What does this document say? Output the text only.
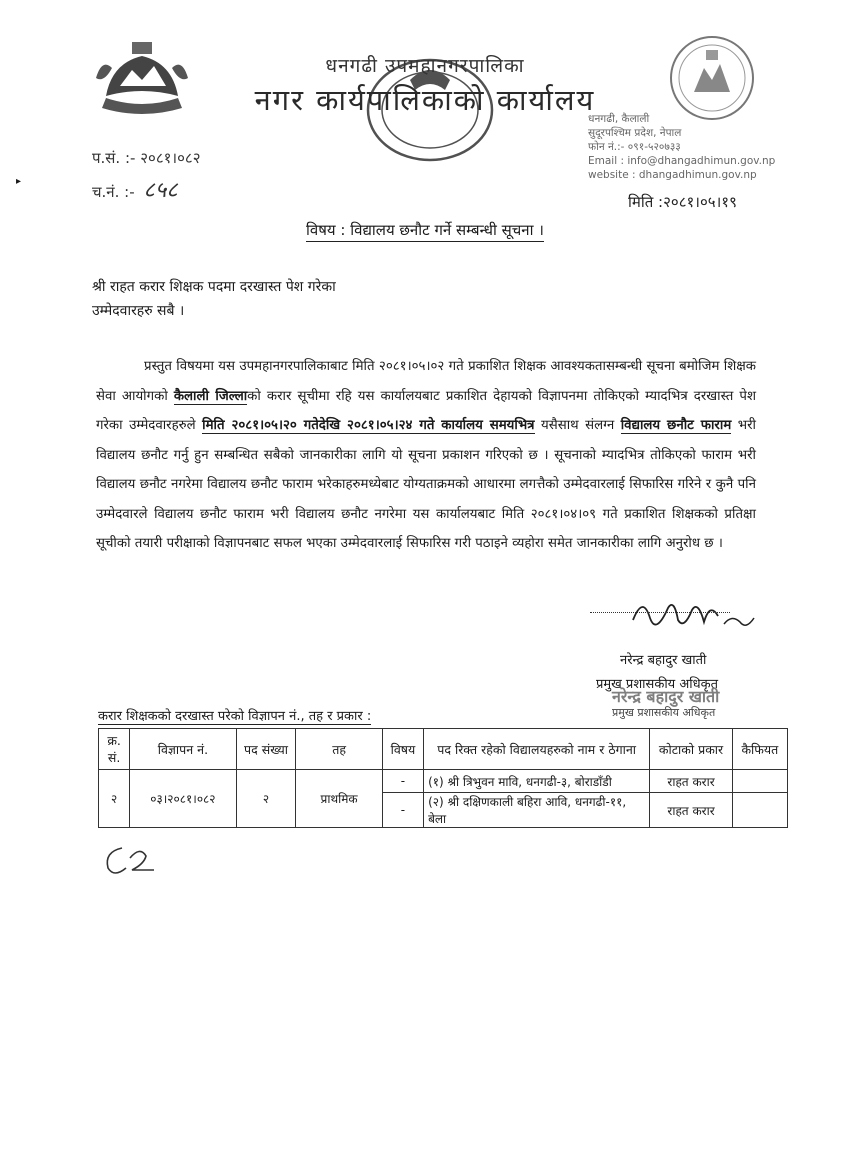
धनगढी उपमहानगरपालिका
नगर कार्यपालिकाको कार्यालय
धनगढी, कैलाली
सुदूरपश्चिम प्रदेश, नेपाल
फोन नं.:- ०९१-५२०७३३
Email : info@dhangadhimun.gov.np
website : dhangadhimun.gov.np
प.सं. :- २०८१।०८२
च.नं. :- ८५८	मिति :२०८१।०५।१९
विषय : विद्यालय छनौट गर्ने सम्बन्धी सूचना ।
श्री राहत करार शिक्षक पदमा दरखास्त पेश गरेका
उम्मेदवारहरु सबै ।
प्रस्तुत विषयमा यस उपमहानगरपालिकाबाट मिति २०८१।०५।०२ गते प्रकाशित शिक्षक आवश्यकतासम्बन्धी सूचना बमोजिम शिक्षक सेवा आयोगको कैलाली जिल्लाको करार सूचीमा रहि यस कार्यालयबाट प्रकाशित देहायको विज्ञापनमा तोकिएको म्यादभित्र दरखास्त पेश गरेका उम्मेदवारहरुले मिति २०८१।०५।२० गतेदेखि २०८१।०५।२४ गते कार्यालय समयभित्र यसैसाथ संलग्न विद्यालय छनौट फाराम भरी विद्यालय छनौट गर्नु हुन सम्बन्धित सबैको जानकारीका लागि यो सूचना प्रकाशन गरिएको छ । सूचनाको म्यादभित्र तोकिएको फाराम भरी विद्यालय छनौट नगरेमा विद्यालय छनौट फाराम भरेकाहरुमध्येबाट योग्यताक्रमको आधारमा लगत्तैको उम्मेदवारलाई सिफारिस गरिने र कुनै पनि उम्मेदवारले विद्यालय छनौट फाराम भरी विद्यालय छनौट नगरेमा यस कार्यालयबाट मिति २०८१।०४।०९ गते प्रकाशित शिक्षकको प्रतिक्षा सूचीको तयारी परीक्षाको विज्ञापनबाट सफल भएका उम्मेदवारलाई सिफारिस गरी पठाइने व्यहोरा समेत जानकारीका लागि अनुरोध छ ।
नरेन्द्र बहादुर खाती
प्रमुख प्रशासकीय अधिकृत
नरेन्द्र बहादुर खाती
प्रमुख प्रशासकीय अधिकृत
करार शिक्षकको दरखास्त परेको विज्ञापन नं., तह र प्रकार :
क्र. सं.	विज्ञापन नं.	पद संख्या	तह	विषय	पद रिक्त रहेको विद्यालयहरुको नाम र ठेगाना	कोटाको प्रकार	कैफियत
२	०३।२०८१।०८२	२	प्राथमिक	-	(१) श्री त्रिभुवन मावि, धनगढी-३, बोराडाँडी	राहत करार	
				-	(२) श्री दक्षिणकाली बहिरा आवि, धनगढी-११, बेला	राहत करार	
▸
